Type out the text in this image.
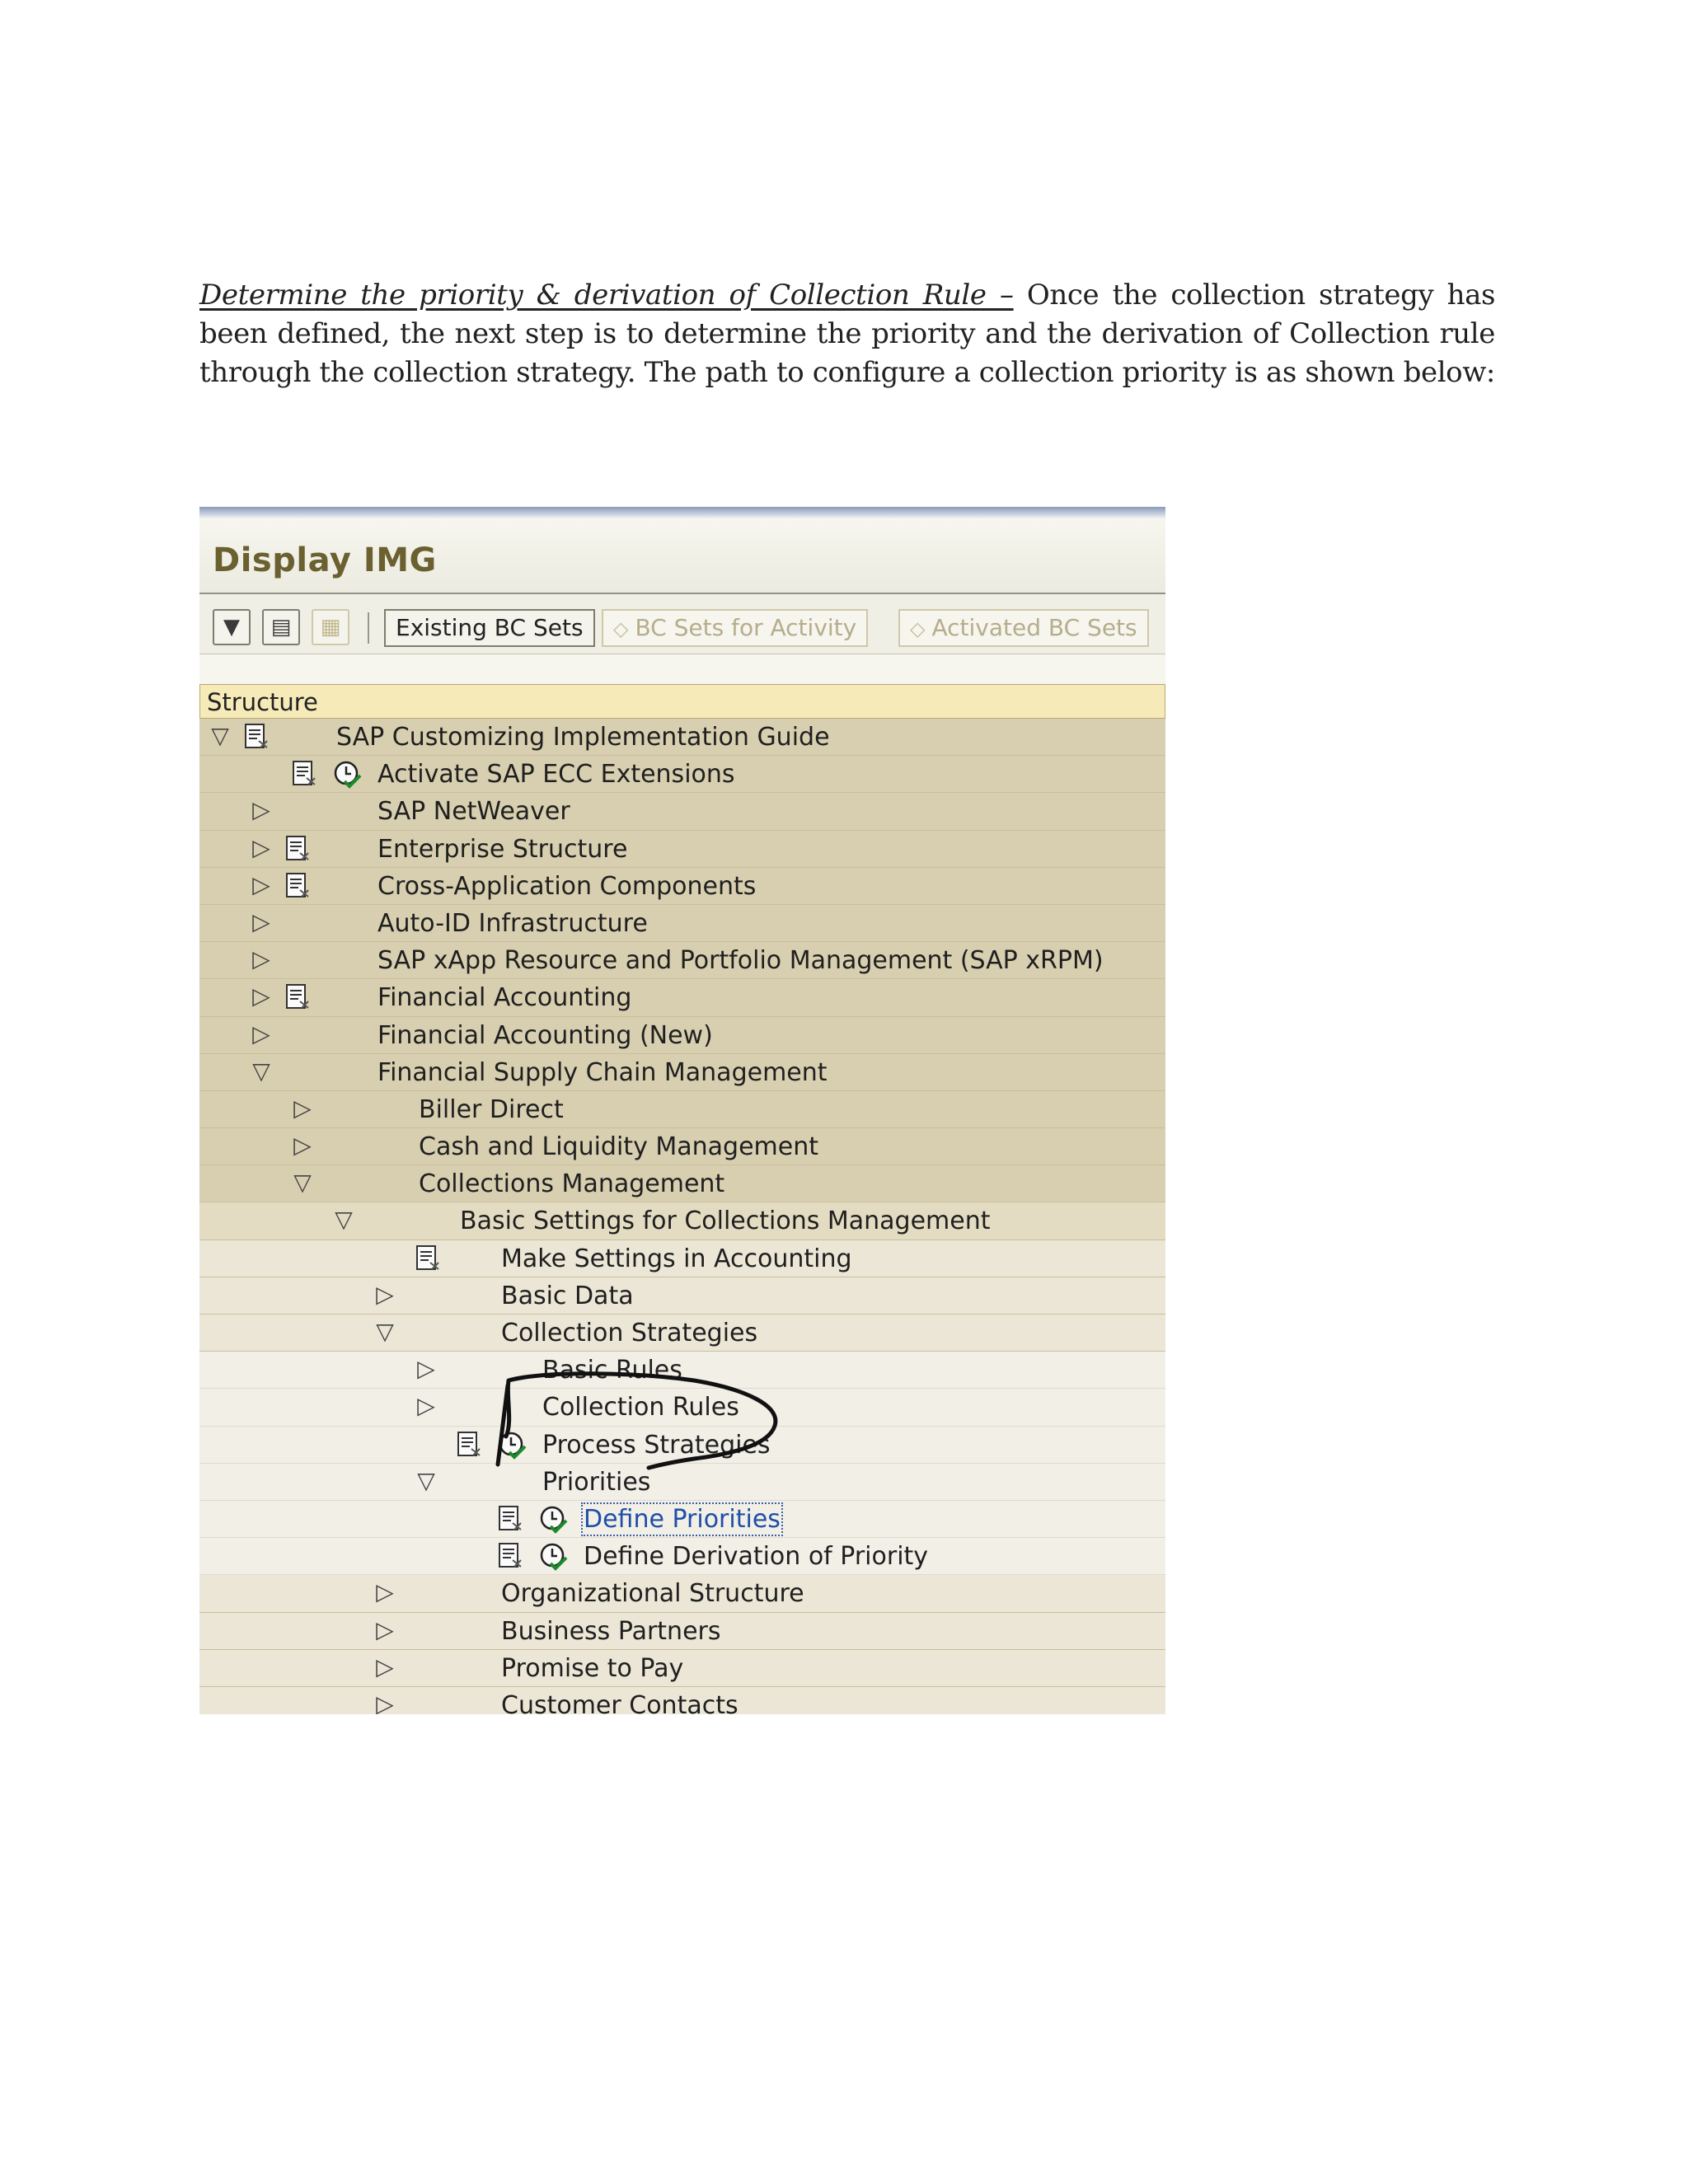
Determine the priority & derivation of Collection Rule – Once the collection strategy has been defined, the next step is to determine the priority and the derivation of Collection rule through the collection strategy. The path to configure a collection priority is as shown below:
Display IMG
▼	▤	▦	Existing BC Sets	◇ BC Sets for Activity	◇ Activated BC Sets
Structure
▽	SAP Customizing Implementation Guide
Activate SAP ECC Extensions
▷	SAP NetWeaver
▷	Enterprise Structure
▷	Cross-Application Components
▷	Auto-ID Infrastructure
▷	SAP xApp Resource and Portfolio Management (SAP xRPM)
▷	Financial Accounting
▷	Financial Accounting (New)
▽	Financial Supply Chain Management
▷	Biller Direct
▷	Cash and Liquidity Management
▽	Collections Management
▽	Basic Settings for Collections Management
Make Settings in Accounting
▷	Basic Data
▽	Collection Strategies
▷	Basic Rules
▷	Collection Rules
Process Strategies
▽	Priorities
Define Priorities
Define Derivation of Priority
▷	Organizational Structure
▷	Business Partners
▷	Promise to Pay
▷	Customer Contacts
